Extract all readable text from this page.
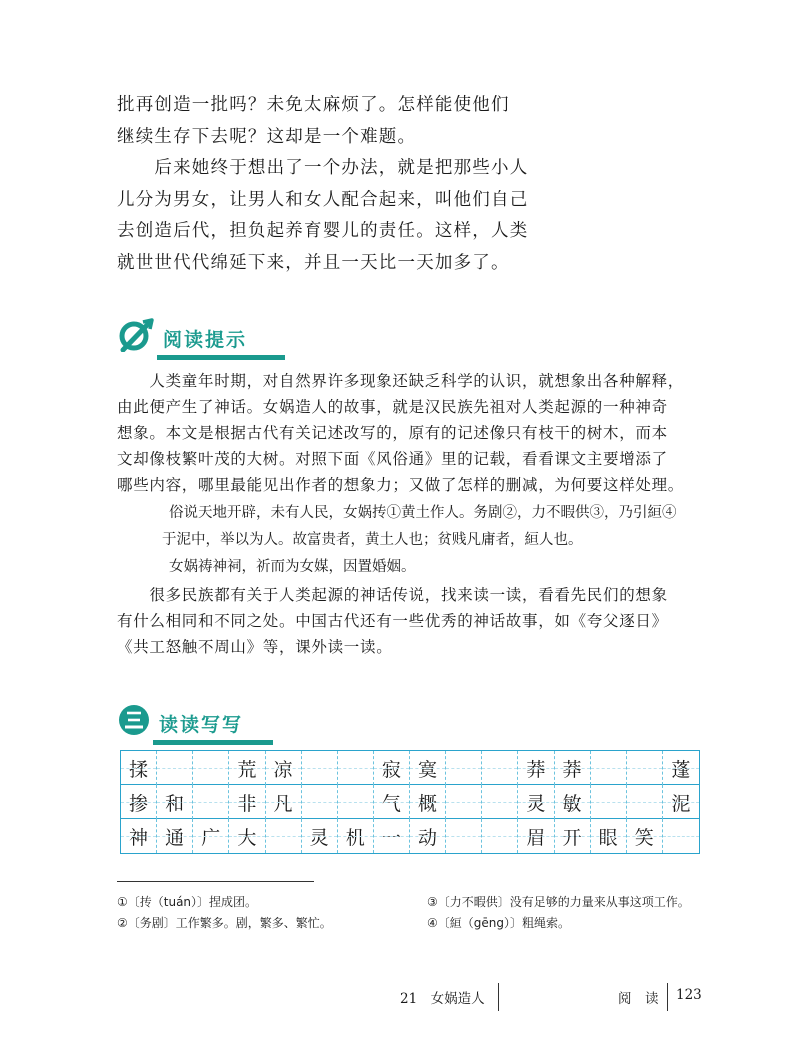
批再创造一批吗？未免太麻烦了。怎样能使他们

继续生存下去呢？这却是一个难题。

　　后来她终于想出了一个办法，就是把那些小人

儿分为男女，让男人和女人配合起来，叫他们自己

去创造后代，担负起养育婴儿的责任。这样，人类

就世世代代绵延下来，并且一天比一天加多了。

阅读提示

　　人类童年时期，对自然界许多现象还缺乏科学的认识，就想象出各种解释，

由此便产生了神话。女娲造人的故事，就是汉民族先祖对人类起源的一种神奇

想象。本文是根据古代有关记述改写的，原有的记述像只有枝干的树木，而本

文却像枝繁叶茂的大树。对照下面《风俗通》里的记载，看看课文主要增添了

哪些内容，哪里最能见出作者的想象力；又做了怎样的删减，为何要这样处理。

　　俗说天地开辟，未有人民，女娲抟①黄土作人。务剧②，力不暇供③，乃引絙④

于泥中，举以为人。故富贵者，黄土人也；贫贱凡庸者，絙人也。

　　女娲祷神祠，祈而为女媒，因置婚姻。

　　很多民族都有关于人类起源的神话传说，找来读一读，看看先民们的想象

有什么相同和不同之处。中国古代还有一些优秀的神话故事，如《夸父逐日》

《共工怒触不周山》等，课外读一读。

读读写写
揉	荒 凉	寂 寞	莽 莽	蓬
掺 和	非 凡	气 概	灵 敏	泥
神 通 广 大	灵 机 一 动	眉 开 眼 笑
①〔抟（tuán）〕捏成团。
②〔务剧〕工作繁多。剧，繁多、繁忙。
③〔力不暇供〕没有足够的力量来从事这项工作。
④〔絙（gēng）〕粗绳索。
21　女娲造人	阅　读 123
